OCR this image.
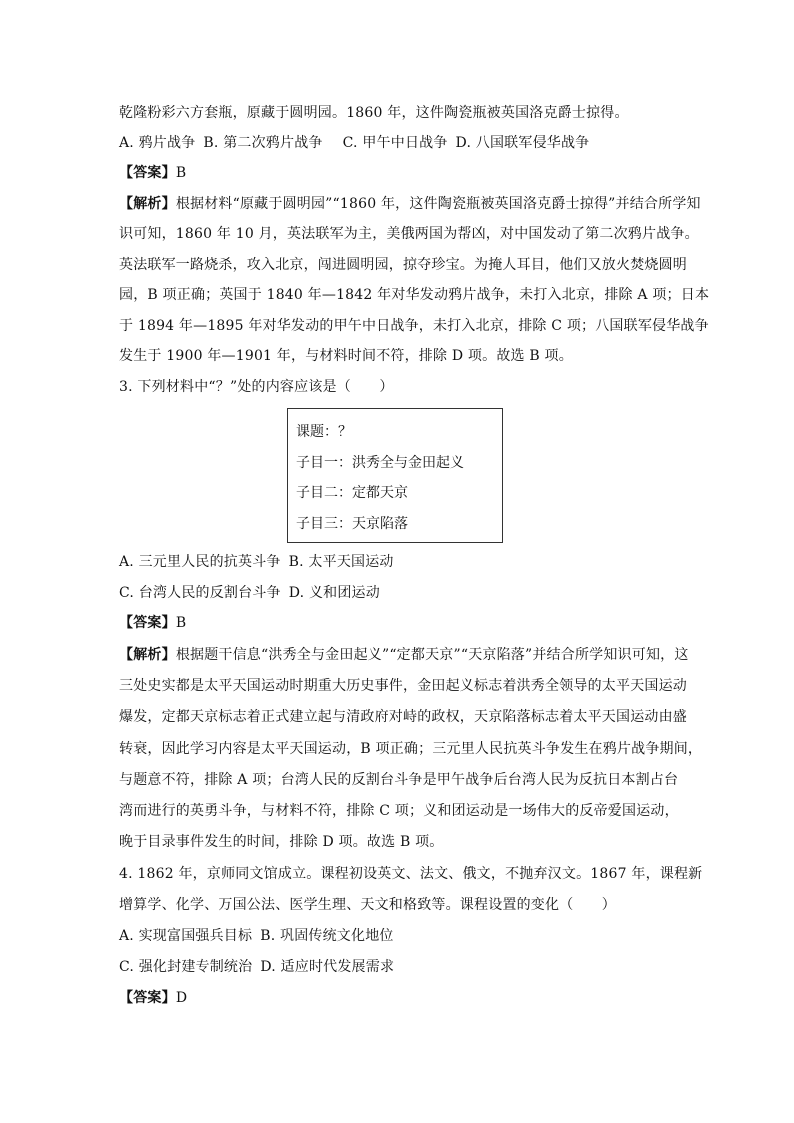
乾隆粉彩六方套瓶，原藏于圆明园。1860 年，这件陶瓷瓶被英国洛克爵士掠得。
A. 鸦片战争 B. 第二次鸦片战争 C. 甲午中日战争 D. 八国联军侵华战争
【答案】B
【解析】根据材料“原藏于圆明园”“1860 年，这件陶瓷瓶被英国洛克爵士掠得”并结合所学知
识可知，1860 年 10 月，英法联军为主，美俄两国为帮凶，对中国发动了第二次鸦片战争。
英法联军一路烧杀，攻入北京，闯进圆明园，掠夺珍宝。为掩人耳目，他们又放火焚烧圆明
园，B 项正确；英国于 1840 年—1842 年对华发动鸦片战争，未打入北京，排除 A 项；日本
于 1894 年—1895 年对华发动的甲午中日战争，未打入北京，排除 C 项；八国联军侵华战争
发生于 1900 年—1901 年，与材料时间不符，排除 D 项。故选 B 项。
3. 下列材料中“？”处的内容应该是（　　）
课题：？
子目一：洪秀全与金田起义
子目二：定都天京
子目三：天京陷落
A. 三元里人民的抗英斗争 B. 太平天国运动
C. 台湾人民的反割台斗争 D. 义和团运动
【答案】B
【解析】根据题干信息“洪秀全与金田起义”“定都天京”“天京陷落”并结合所学知识可知，这
三处史实都是太平天国运动时期重大历史事件，金田起义标志着洪秀全领导的太平天国运动
爆发，定都天京标志着正式建立起与清政府对峙的政权，天京陷落标志着太平天国运动由盛
转衰，因此学习内容是太平天国运动，B 项正确；三元里人民抗英斗争发生在鸦片战争期间，
与题意不符，排除 A 项；台湾人民的反割台斗争是甲午战争后台湾人民为反抗日本割占台
湾而进行的英勇斗争，与材料不符，排除 C 项；义和团运动是一场伟大的反帝爱国运动，
晚于目录事件发生的时间，排除 D 项。故选 B 项。
4. 1862 年，京师同文馆成立。课程初设英文、法文、俄文，不抛弃汉文。1867 年，课程新
增算学、化学、万国公法、医学生理、天文和格致等。课程设置的变化（　　）
A. 实现富国强兵目标 B. 巩固传统文化地位
C. 强化封建专制统治 D. 适应时代发展需求
【答案】D
